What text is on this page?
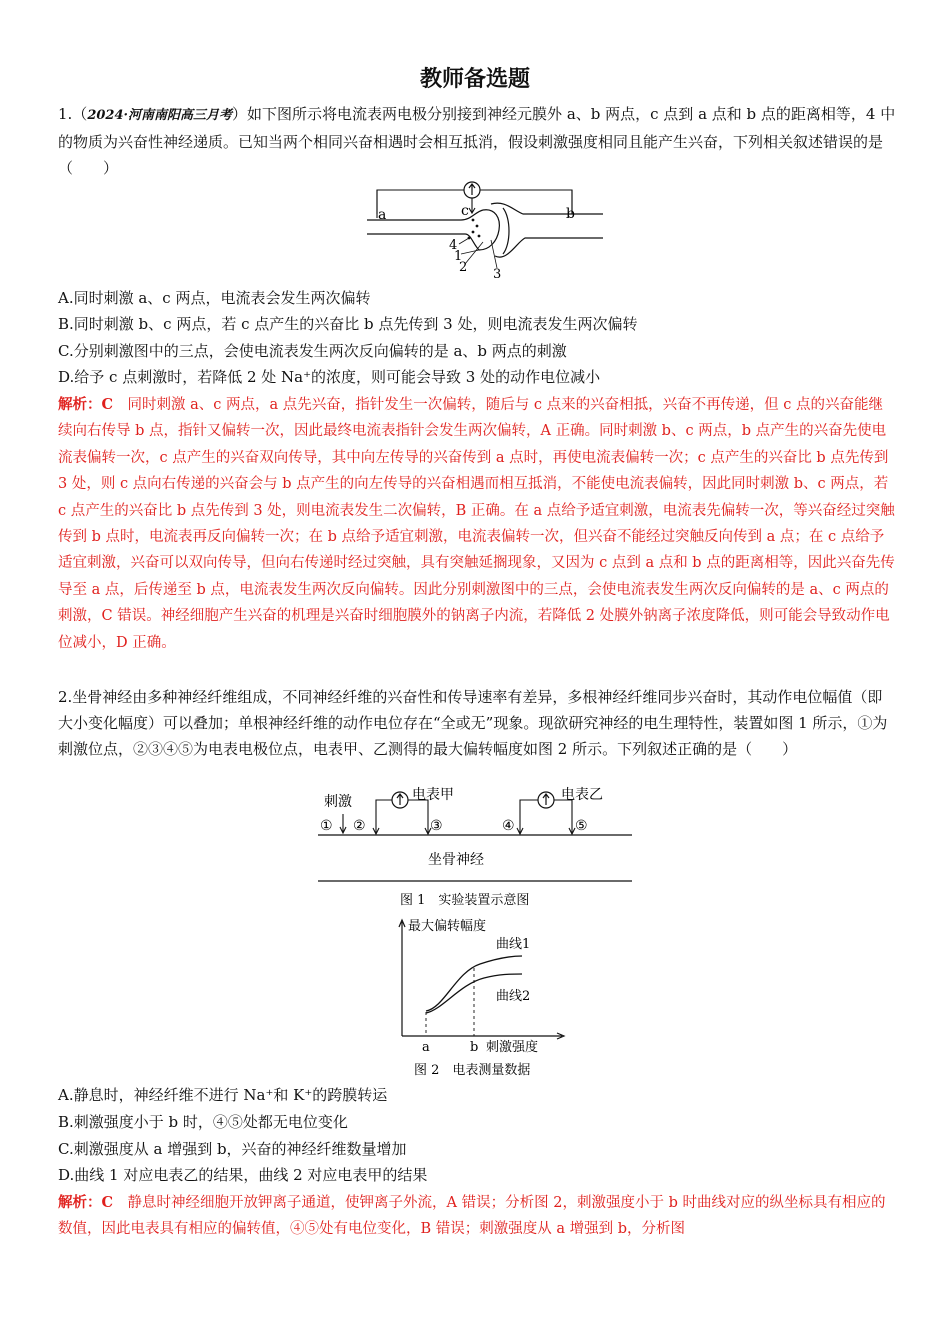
教师备选题
1.（2024·河南南阳高三月考）如下图所示将电流表两电极分别接到神经元膜外 a、b 两点，c 点到 a 点和 b 点的距离相等，4 中的物质为兴奋性神经递质。已知当两个相同兴奋相遇时会相互抵消，假设刺激强度相同且能产生兴奋，下列相关叙述错误的是（　　）
a	b
c
4
1
2 3
A.同时刺激 a、c 两点，电流表会发生两次偏转
B.同时刺激 b、c 两点，若 c 点产生的兴奋比 b 点先传到 3 处，则电流表发生两次偏转
C.分别刺激图中的三点，会使电流表发生两次反向偏转的是 a、b 两点的刺激
D.给予 c 点刺激时，若降低 2 处 Na⁺的浓度，则可能会导致 3 处的动作电位减小
解析：C　 同时刺激 a、c 两点，a 点先兴奋，指针发生一次偏转，随后与 c 点来的兴奋相抵，兴奋不再传递，但 c 点的兴奋能继续向右传导 b 点，指针又偏转一次，因此最终电流表指针会发生两次偏转，A 正确。同时刺激 b、c 两点，b 点产生的兴奋先使电流表偏转一次，c 点产生的兴奋双向传导，其中向左传导的兴奋传到 a 点时，再使电流表偏转一次；c 点产生的兴奋比 b 点先传到 3 处，则 c 点向右传递的兴奋会与 b 点产生的向左传导的兴奋相遇而相互抵消，不能使电流表偏转，因此同时刺激 b、c 两点，若 c 点产生的兴奋比 b 点先传到 3 处，则电流表发生二次偏转，B 正确。在 a 点给予适宜刺激，电流表先偏转一次，等兴奋经过突触传到 b 点时，电流表再反向偏转一次；在 b 点给予适宜刺激，电流表偏转一次，但兴奋不能经过突触反向传到 a 点；在 c 点给予适宜刺激，兴奋可以双向传导，但向右传递时经过突触，具有突触延搁现象，又因为 c 点到 a 点和 b 点的距离相等，因此兴奋先传导至 a 点，后传递至 b 点，电流表发生两次反向偏转。因此分别刺激图中的三点，会使电流表发生两次反向偏转的是 a、c 两点的刺激，C 错误。神经细胞产生兴奋的机理是兴奋时细胞膜外的钠离子内流，若降低 2 处膜外钠离子浓度降低，则可能会导致动作电位减小，D 正确。
2.坐骨神经由多种神经纤维组成，不同神经纤维的兴奋性和传导速率有差异，多根神经纤维同步兴奋时，其动作电位幅值（即大小变化幅度）可以叠加；单根神经纤维的动作电位存在“全或无”现象。现欲研究神经的电生理特性，装置如图 1 所示，①为刺激位点，②③④⑤为电表电极位点，电表甲、乙测得的最大偏转幅度如图 2 所示。下列叙述正确的是（　　）
刺激
①
电表甲
②	③
电表乙
④	⑤
坐骨神经
图 1　实验装置示意图
最大偏转幅度
曲线1
曲线2
a	b 刺激强度
图 2　电表测量数据
A.静息时，神经纤维不进行 Na⁺和 K⁺的跨膜转运
B.刺激强度小于 b 时，④⑤处都无电位变化
C.刺激强度从 a 增强到 b，兴奋的神经纤维数量增加
D.曲线 1 对应电表乙的结果，曲线 2 对应电表甲的结果
解析：C　 静息时神经细胞开放钾离子通道，使钾离子外流，A 错误；分析图 2，刺激强度小于 b 时曲线对应的纵坐标具有相应的数值，因此电表具有相应的偏转值，④⑤处有电位变化，B 错误；刺激强度从 a 增强到 b，分析图
